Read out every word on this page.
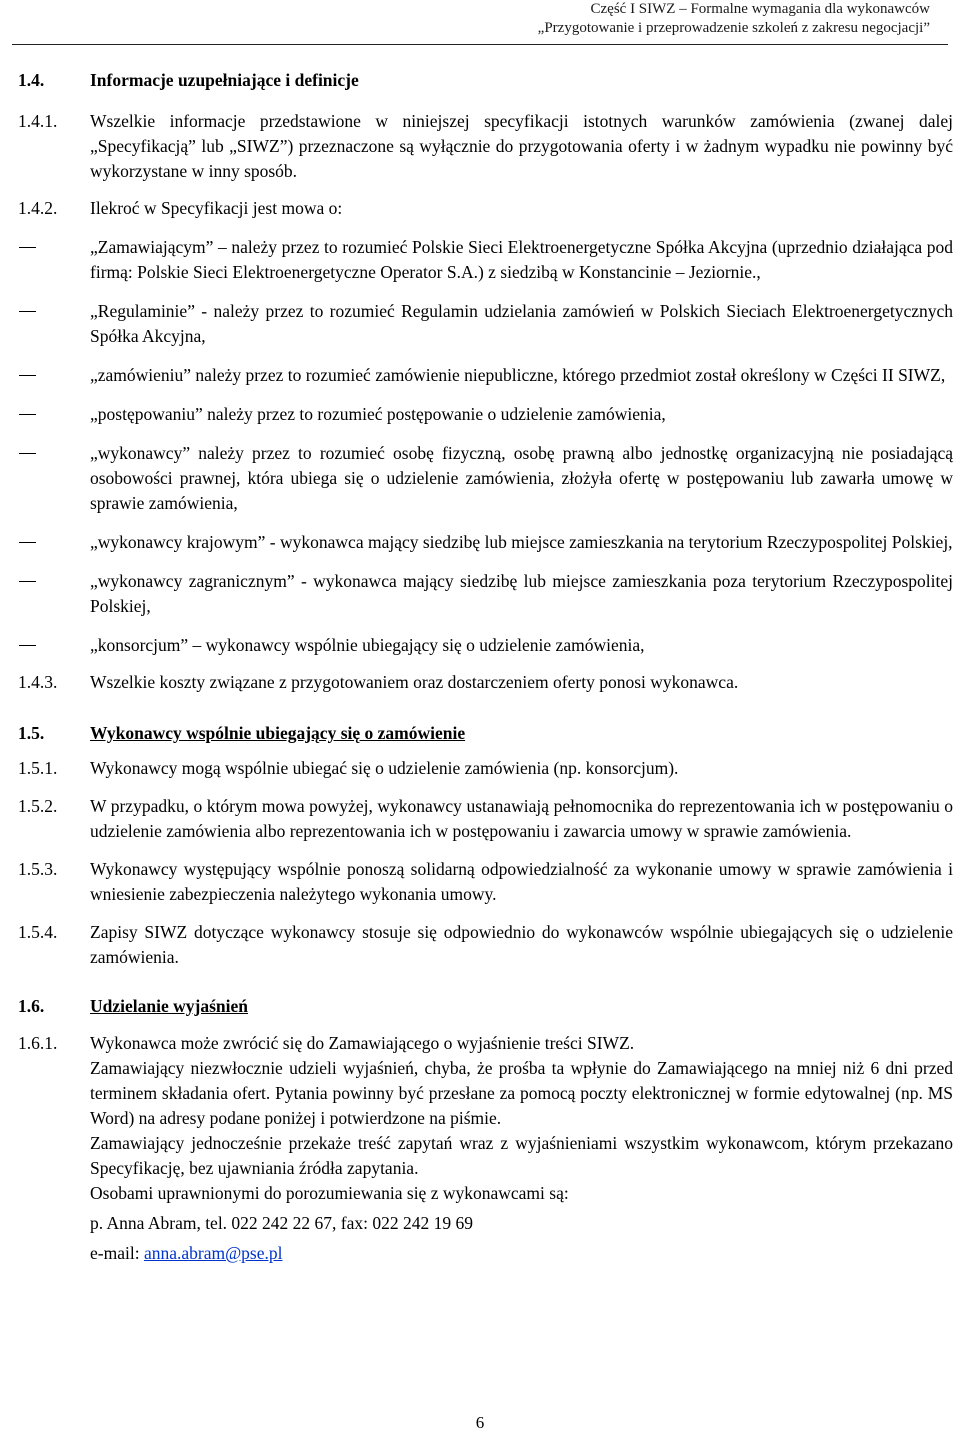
Część I SIWZ – Formalne wymagania dla wykonawców
„Przygotowanie i przeprowadzenie szkoleń z zakresu negocjacji”
1.4.	Informacje uzupełniające i definicje
1.4.1.	Wszelkie informacje przedstawione w niniejszej specyfikacji istotnych warunków zamówienia (zwanej dalej „Specyfikacją” lub „SIWZ”) przeznaczone są wyłącznie do przygotowania oferty i w żadnym wypadku nie powinny być wykorzystane w inny sposób.
1.4.2.	Ilekroć w Specyfikacji jest mowa o:
„Zamawiającym” – należy przez to rozumieć Polskie Sieci Elektroenergetyczne Spółka Akcyjna (uprzednio działająca pod firmą: Polskie Sieci Elektroenergetyczne Operator S.A.) z siedzibą w Konstancinie – Jeziornie.,
„Regulaminie” - należy przez to rozumieć Regulamin udzielania zamówień w Polskich Sieciach Elektroenergetycznych Spółka Akcyjna,
„zamówieniu” należy przez to rozumieć zamówienie niepubliczne, którego przedmiot został określony w Części II SIWZ,
„postępowaniu” należy przez to rozumieć postępowanie o udzielenie zamówienia,
„wykonawcy” należy przez to rozumieć osobę fizyczną, osobę prawną albo jednostkę organizacyjną nie posiadającą osobowości prawnej, która ubiega się o udzielenie zamówienia, złożyła ofertę w postępowaniu lub zawarła umowę w sprawie zamówienia,
„wykonawcy krajowym” - wykonawca mający siedzibę lub miejsce zamieszkania na terytorium Rzeczypospolitej Polskiej,
„wykonawcy zagranicznym” - wykonawca mający siedzibę lub miejsce zamieszkania poza terytorium Rzeczypospolitej Polskiej,
„konsorcjum” – wykonawcy wspólnie ubiegający się o udzielenie zamówienia,
1.4.3.	Wszelkie koszty związane z przygotowaniem oraz dostarczeniem oferty ponosi wykonawca.
1.5.	Wykonawcy wspólnie ubiegający się o zamówienie
1.5.1.	Wykonawcy mogą wspólnie ubiegać się o udzielenie zamówienia (np. konsorcjum).
1.5.2.	W przypadku, o którym mowa powyżej, wykonawcy ustanawiają pełnomocnika do reprezentowania ich w postępowaniu o udzielenie zamówienia albo reprezentowania ich w postępowaniu i zawarcia umowy w sprawie zamówienia.
1.5.3.	Wykonawcy występujący wspólnie ponoszą solidarną odpowiedzialność za wykonanie umowy w sprawie zamówienia i wniesienie zabezpieczenia należytego wykonania umowy.
1.5.4.	Zapisy SIWZ dotyczące wykonawcy stosuje się odpowiednio do wykonawców wspólnie ubiegających się o udzielenie zamówienia.
1.6.	Udzielanie wyjaśnień
1.6.1.	Wykonawca może zwrócić się do Zamawiającego o wyjaśnienie treści SIWZ.

Zamawiający niezwłocznie udzieli wyjaśnień, chyba, że prośba ta wpłynie do Zamawiającego na mniej niż 6 dni przed terminem składania ofert. Pytania powinny być przesłane za pomocą poczty elektronicznej w formie edytowalnej (np. MS Word) na adresy podane poniżej i potwierdzone na piśmie.

Zamawiający jednocześnie przekaże treść zapytań wraz z wyjaśnieniami wszystkim wykonawcom, którym przekazano Specyfikację, bez ujawniania źródła zapytania.

Osobami uprawnionymi do porozumiewania się z wykonawcami są:

p. Anna Abram, tel. 022 242 22 67, fax: 022 242 19 69

e-mail: anna.abram@pse.pl

6
